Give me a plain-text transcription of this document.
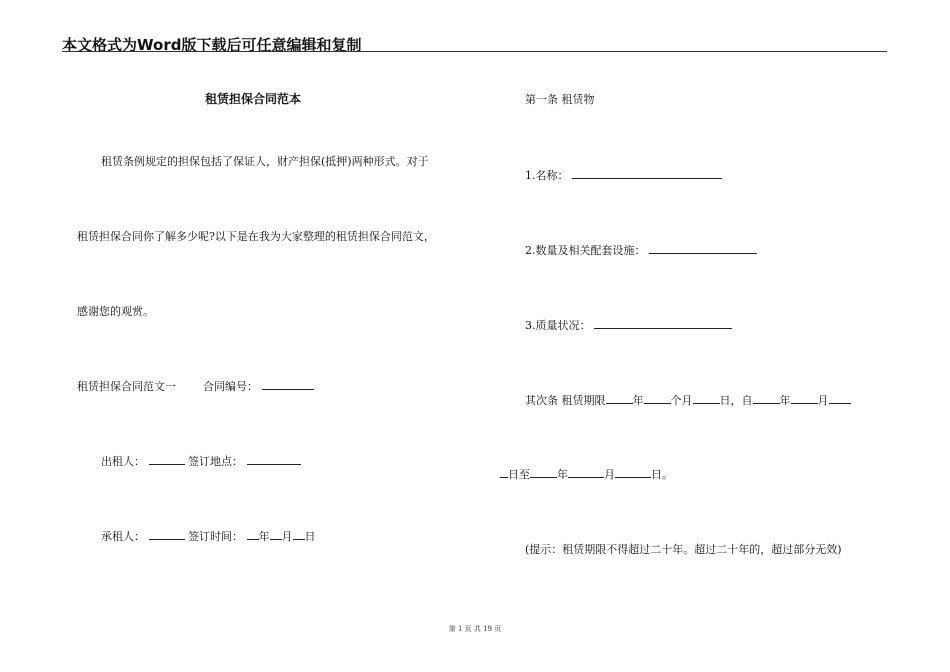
本文格式为Word版下载后可任意编辑和复制
租赁担保合同范本
租赁条例规定的担保包括了保证人，财产担保(抵押)两种形式。对于
租赁担保合同你了解多少呢?以下是在我为大家整理的租赁担保合同范文，
感谢您的观赏。
租赁担保合同范文一 合同编号：
出租人：	签订地点：
承租人：	签订时间： 年 月 日
第一条 租赁物
1.名称：
2.数量及相关配套设施：
3.质量状况：
其次条 租赁期限 年 个月 日，自 年 月
日至 年	月	日。
(提示：租赁期限不得超过二十年。超过二十年的，超过部分无效)
第 1 页 共 19 页
